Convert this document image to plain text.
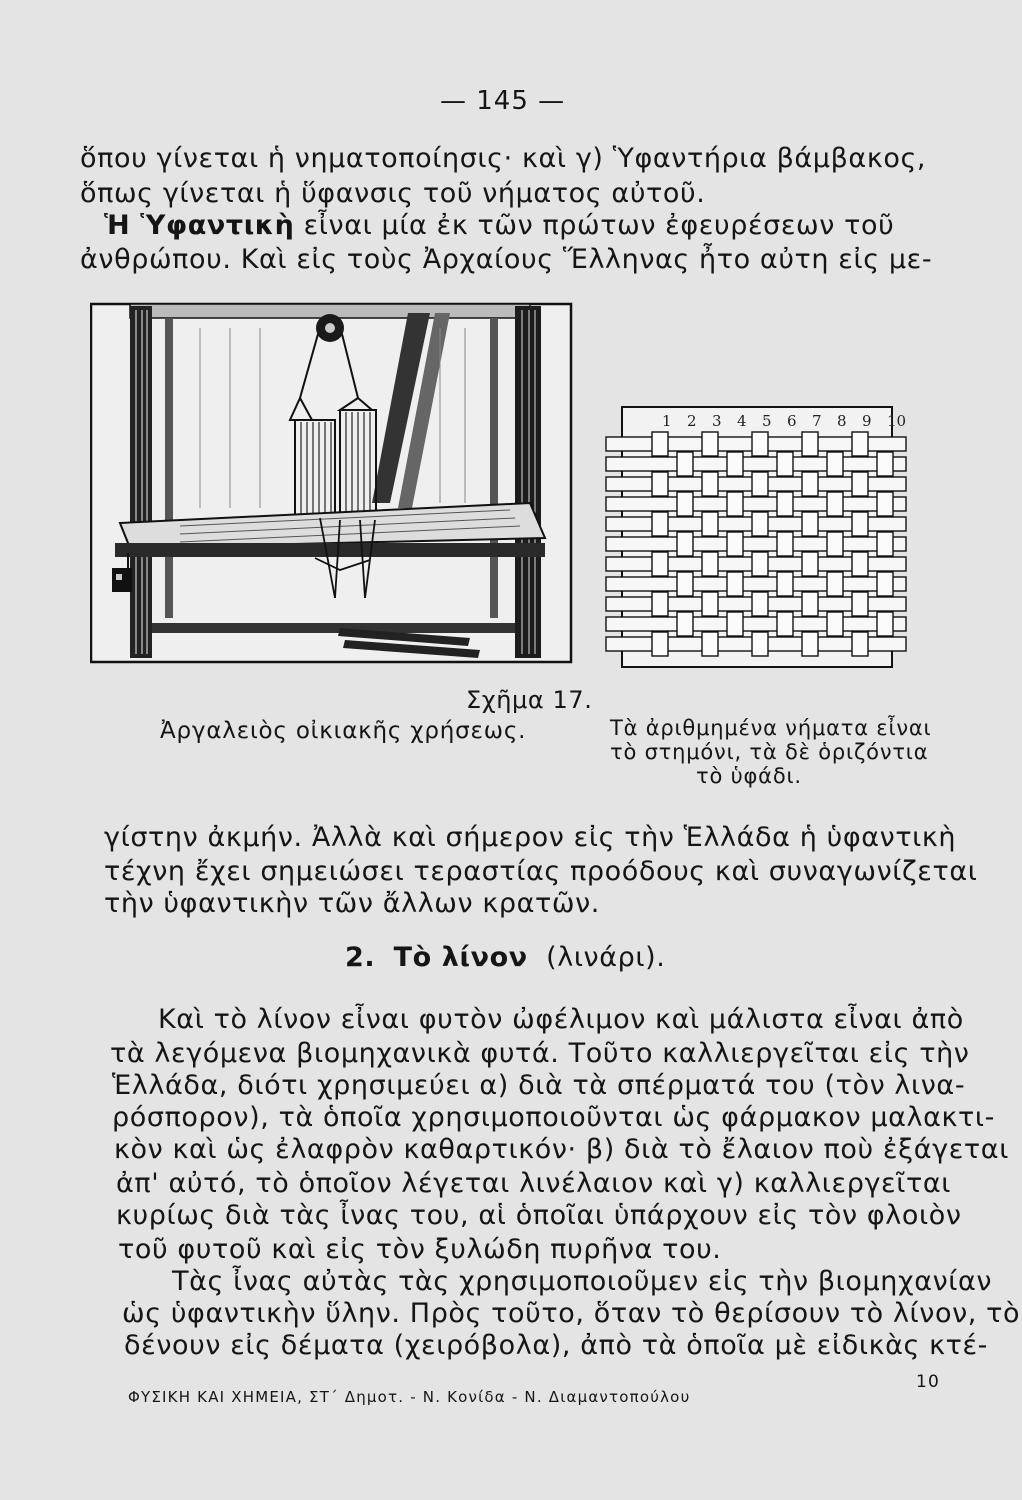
— 145 —
ὅπου γίνεται ἡ νηματοποίησις· καὶ γ) Ὑφαντήρια βάμβακος,
ὅπως γίνεται ἡ ὕφανσις τοῦ νήματος αὐτοῦ.
Ἡ Ὑφαντικὴ εἶναι μία ἐκ τῶν πρώτων ἐφευρέσεων τοῦ
ἀνθρώπου. Καὶ εἰς τοὺς Ἀρχαίους Ἕλληνας ἦτο αὐτη εἰς με-
1 2 3 4 5 6 7 8 9 10
Σχῆμα 17.
Ἀργαλειὸς οἰκιακῆς χρήσεως.	Τὰ ἀριθμημένα νήματα εἶναι
τὸ στημόνι, τὰ δὲ ὁριζόντια
τὸ ὑφάδι.
γίστην ἀκμήν. Ἀλλὰ καὶ σήμερον εἰς τὴν Ἑλλάδα ἡ ὑφαντικὴ
τέχνη ἔχει σημειώσει τεραστίας προόδους καὶ συναγωνίζεται
τὴν ὑφαντικὴν τῶν ἄλλων κρατῶν.
2. Τὸ λίνον (λινάρι).
Καὶ τὸ λίνον εἶναι φυτὸν ὠφέλιμον καὶ μάλιστα εἶναι ἀπὸ
τὰ λεγόμενα βιομηχανικὰ φυτά. Τοῦτο καλλιεργεῖται εἰς τὴν
Ἑλλάδα, διότι χρησιμεύει α) διὰ τὰ σπέρματά του (τὸν λινα-
ρόσπορον), τὰ ὁποῖα χρησιμοποιοῦνται ὡς φάρμακον μαλακτι-
κὸν καὶ ὡς ἐλαφρὸν καθαρτικόν· β) διὰ τὸ ἔλαιον ποὺ ἐξάγεται
ἀπ' αὐτό, τὸ ὁποῖον λέγεται λινέλαιον καὶ γ) καλλιεργεῖται
κυρίως διὰ τὰς ἶνας του, αἱ ὁποῖαι ὑπάρχουν εἰς τὸν φλοιὸν
τοῦ φυτοῦ καὶ εἰς τὸν ξυλώδη πυρῆνα του.
Τὰς ἶνας αὐτὰς τὰς χρησιμοποιοῦμεν εἰς τὴν βιομηχανίαν
ὡς ὑφαντικὴν ὕλην. Πρὸς τοῦτο, ὅταν τὸ θερίσουν τὸ λίνον, τὸ
δένουν εἰς δέματα (χειρόβολα), ἀπὸ τὰ ὁποῖα μὲ εἰδικὰς κτέ-
ΦΥΣΙΚΗ ΚΑΙ ΧΗΜΕΙΑ, ΣΤ΄ Δημοτ. - Ν. Κονίδα - Ν. Διαμαντοπούλου
10
